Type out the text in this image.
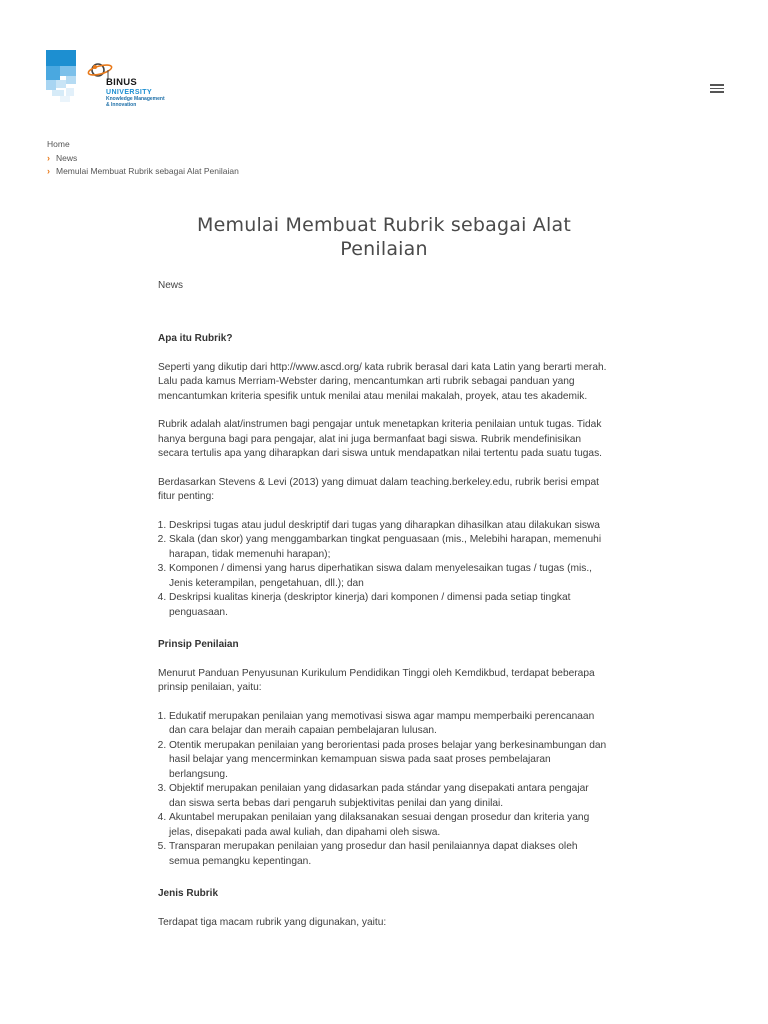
BINUS
UNIVERSITY
Knowledge Management
& Innovation
Home
› News
› Memulai Membuat Rubrik sebagai Alat Penilaian
Memulai Membuat Rubrik sebagai Alat Penilaian
News
Apa itu Rubrik?

Seperti yang dikutip dari http://www.ascd.org/ kata rubrik berasal dari kata Latin yang berarti merah. Lalu pada kamus Merriam-Webster daring, mencantumkan arti rubrik sebagai panduan yang mencantumkan kriteria spesifik untuk menilai atau menilai makalah, proyek, atau tes akademik.

Rubrik adalah alat/instrumen bagi pengajar untuk menetapkan kriteria penilaian untuk tugas. Tidak hanya berguna bagi para pengajar, alat ini juga bermanfaat bagi siswa. Rubrik mendefinisikan secara tertulis apa yang diharapkan dari siswa untuk mendapatkan nilai tertentu pada suatu tugas.

Berdasarkan Stevens & Levi (2013) yang dimuat dalam teaching.berkeley.edu, rubrik berisi empat fitur penting:

1. Deskripsi tugas atau judul deskriptif dari tugas yang diharapkan dihasilkan atau dilakukan siswa
2. Skala (dan skor) yang menggambarkan tingkat penguasaan (mis., Melebihi harapan, memenuhi harapan, tidak memenuhi harapan);
3. Komponen / dimensi yang harus diperhatikan siswa dalam menyelesaikan tugas / tugas (mis., Jenis keterampilan, pengetahuan, dll.); dan
4. Deskripsi kualitas kinerja (deskriptor kinerja) dari komponen / dimensi pada setiap tingkat penguasaan.
Prinsip Penilaian

Menurut Panduan Penyusunan Kurikulum Pendidikan Tinggi oleh Kemdikbud, terdapat beberapa prinsip penilaian, yaitu:

1. Edukatif merupakan penilaian yang memotivasi siswa agar mampu memperbaiki perencanaan dan cara belajar dan meraih capaian pembelajaran lulusan.
2. Otentik merupakan penilaian yang berorientasi pada proses belajar yang berkesinambungan dan hasil belajar yang mencerminkan kemampuan siswa pada saat proses pembelajaran berlangsung.
3. Objektif merupakan penilaian yang didasarkan pada stándar yang disepakati antara pengajar dan siswa serta bebas dari pengaruh subjektivitas penilai dan yang dinilai.
4. Akuntabel merupakan penilaian yang dilaksanakan sesuai dengan prosedur dan kriteria yang jelas, disepakati pada awal kuliah, dan dipahami oleh siswa.
5. Transparan merupakan penilaian yang prosedur dan hasil penilaiannya dapat diakses oleh semua pemangku kepentingan.
Jenis Rubrik

Terdapat tiga macam rubrik yang digunakan, yaitu:
